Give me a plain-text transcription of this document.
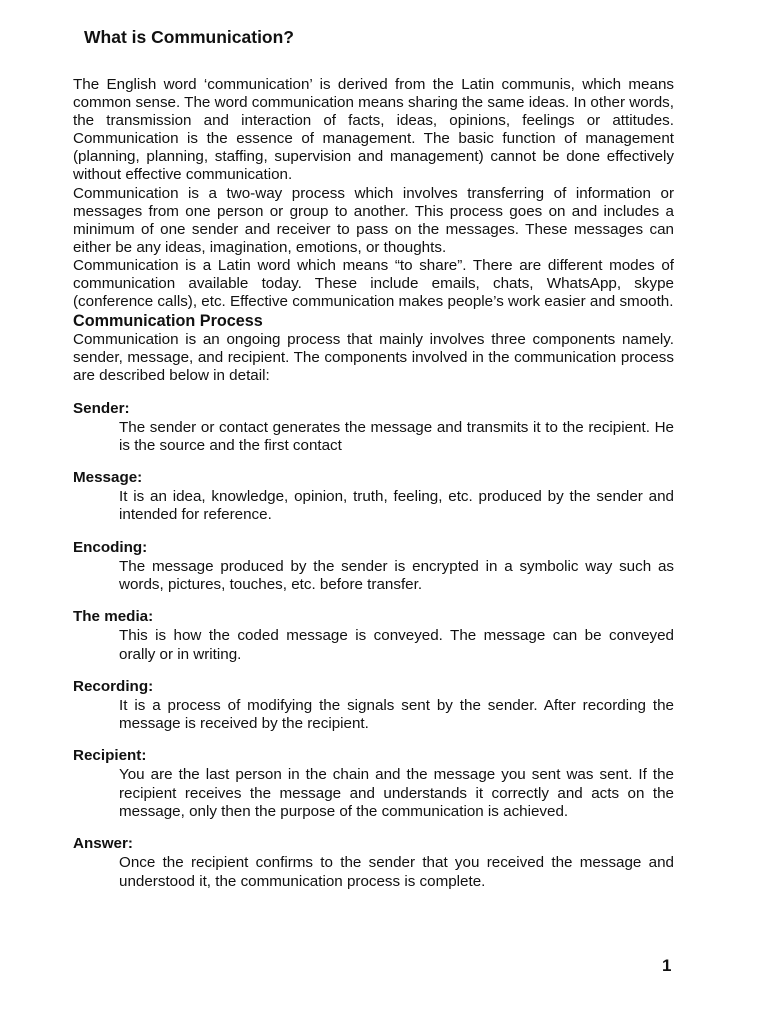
What is Communication?

The English word ‘communication’ is derived from the Latin communis, which means common sense. The word communication means sharing the same ideas. In other words, the transmission and interaction of facts, ideas, opinions, feelings or attitudes. Communication is the essence of management. The basic function of management (planning, planning, staffing, supervision and management) cannot be done effectively without effective communication.

Communication is a two-way process which involves transferring of information or messages from one person or group to another. This process goes on and includes a minimum of one sender and receiver to pass on the messages. These messages can either be any ideas, imagination, emotions, or thoughts.

Communication is a Latin word which means “to share”. There are different modes of communication available today. These include emails, chats, WhatsApp, skype (conference calls), etc. Effective communication makes people’s work easier and smooth.

Communication Process

Communication is an ongoing process that mainly involves three components namely. sender, message, and recipient. The components involved in the communication process are described below in detail:

Sender:

The sender or contact generates the message and transmits it to the recipient. He is the source and the first contact

Message:

It is an idea, knowledge, opinion, truth, feeling, etc. produced by the sender and intended for reference.

Encoding:

The message produced by the sender is encrypted in a symbolic way such as words, pictures, touches, etc. before transfer.

The media:

This is how the coded message is conveyed. The message can be conveyed orally or in writing.

Recording:

It is a process of modifying the signals sent by the sender. After recording the message is received by the recipient.

Recipient:

You are the last person in the chain and the message you sent was sent. If the recipient receives the message and understands it correctly and acts on the message, only then the purpose of the communication is achieved.

Answer:

Once the recipient confirms to the sender that you received the message and understood it, the communication process is complete.

1
